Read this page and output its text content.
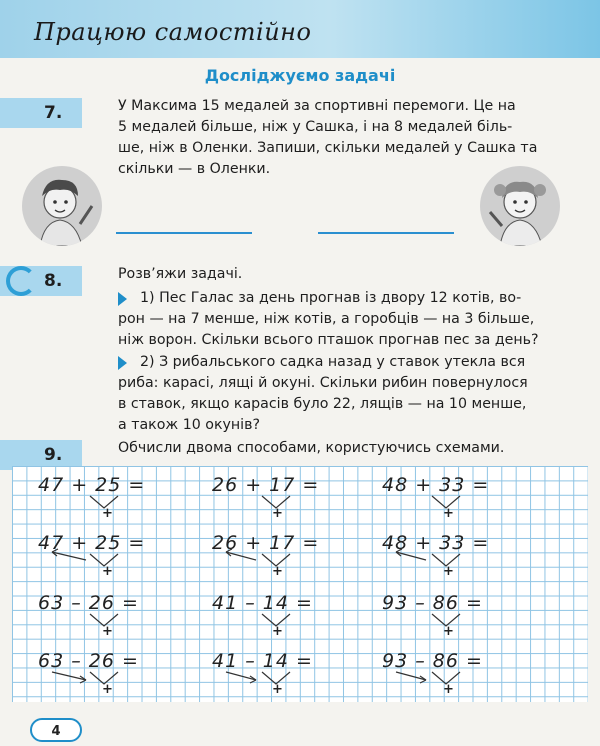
Працюю самостійно
Досліджуємо задачі
7.	У Максима 15 медалей за спортивні перемоги. Це на
5 медалей більше, ніж у Сашка, і на 8 медалей біль-
ше, ніж в Оленки. Запиши, скільки медалей у Сашка та
скільки — в Оленки.
8.	Розв’яжи задачі.
1) Пес Галас за день прогнав із двору 12 котів, во-
рон — на 7 менше, ніж котів, а горобців — на 3 більше,
ніж ворон. Скільки всього пташок прогнав пес за день?
2) З рибальського садка назад у ставок утекла вся
риба: карасі, лящі й окуні. Скільки рибин повернулося
в ставок, якщо карасів було 22, лящів — на 10 менше,
а також 10 окунів?
9.	Обчисли двома способами, користуючись схемами.
47 + 25 =	26 + 17 =	48 + 33 =
47 + 25 =	26 + 17 =	48 + 33 =
63 – 26 =	41 – 14 =	93 – 86 =
63 – 26 =	41 – 14 =	93 – 86 =
+	+	+
+	+	+
+	+	+
+	+	+
4
